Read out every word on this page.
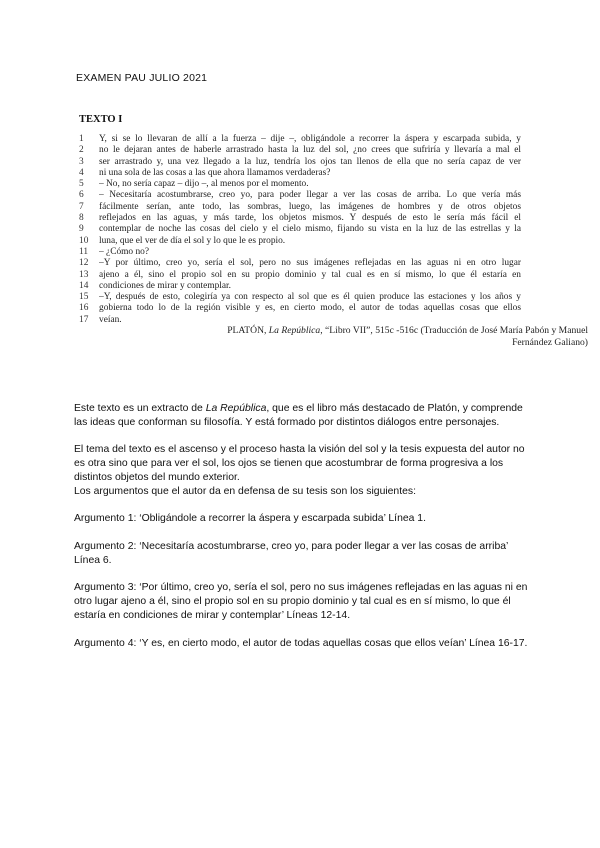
EXAMEN PAU JULIO 2021
TEXTO I
1	Y, si se lo llevaran de allí a la fuerza – dije –, obligándole a recorrer la áspera y escarpada subida, y
2	no le dejaran antes de haberle arrastrado hasta la luz del sol, ¿no crees que sufriría y llevaría a mal el
3	ser arrastrado y, una vez llegado a la luz, tendría los ojos tan llenos de ella que no sería capaz de ver
4	ni una sola de las cosas a las que ahora llamamos verdaderas?
5	– No, no sería capaz – dijo –, al menos por el momento.
6	– Necesitaría acostumbrarse, creo yo, para poder llegar a ver las cosas de arriba. Lo que vería más
7	fácilmente serían, ante todo, las sombras, luego, las imágenes de hombres y de otros objetos
8	reflejados en las aguas, y más tarde, los objetos mismos. Y después de esto le sería más fácil el
9	contemplar de noche las cosas del cielo y el cielo mismo, fijando su vista en la luz de las estrellas y la
10	luna, que el ver de día el sol y lo que le es propio.
11	– ¿Cómo no?
12	–Y por último, creo yo, sería el sol, pero no sus imágenes reflejadas en las aguas ni en otro lugar
13	ajeno a él, sino el propio sol en su propio dominio y tal cual es en sí mismo, lo que él estaría en
14	condiciones de mirar y contemplar.
15	–Y, después de esto, colegiría ya con respecto al sol que es él quien produce las estaciones y los años y
16	gobierna todo lo de la región visible y es, en cierto modo, el autor de todas aquellas cosas que ellos
17	veían.
PLATÓN, La República, “Libro VII”, 515c -516c (Traducción de José María Pabón y Manuel
Fernández Galiano)

Este texto es un extracto de La República, que es el libro más destacado de Platón, y comprende las ideas que conforman su filosofía. Y está formado por distintos diálogos entre personajes.

El tema del texto es el ascenso y el proceso hasta la visión del sol y la tesis expuesta del autor no es otra sino que para ver el sol, los ojos se tienen que acostumbrar de forma progresiva a los distintos objetos del mundo exterior.

Los argumentos que el autor da en defensa de su tesis son los siguientes:

Argumento 1: ‘Obligándole a recorrer la áspera y escarpada subida’ Línea 1.

Argumento 2: ‘Necesitaría acostumbrarse, creo yo, para poder llegar a ver las cosas de arriba’ Línea 6.

Argumento 3: ‘Por último, creo yo, sería el sol, pero no sus imágenes reflejadas en las aguas ni en otro lugar ajeno a él, sino el propio sol en su propio dominio y tal cual es en sí mismo, lo que él estaría en condiciones de mirar y contemplar’ Líneas 12-14.

Argumento 4: ‘Y es, en cierto modo, el autor de todas aquellas cosas que ellos veían’ Línea 16-17.
